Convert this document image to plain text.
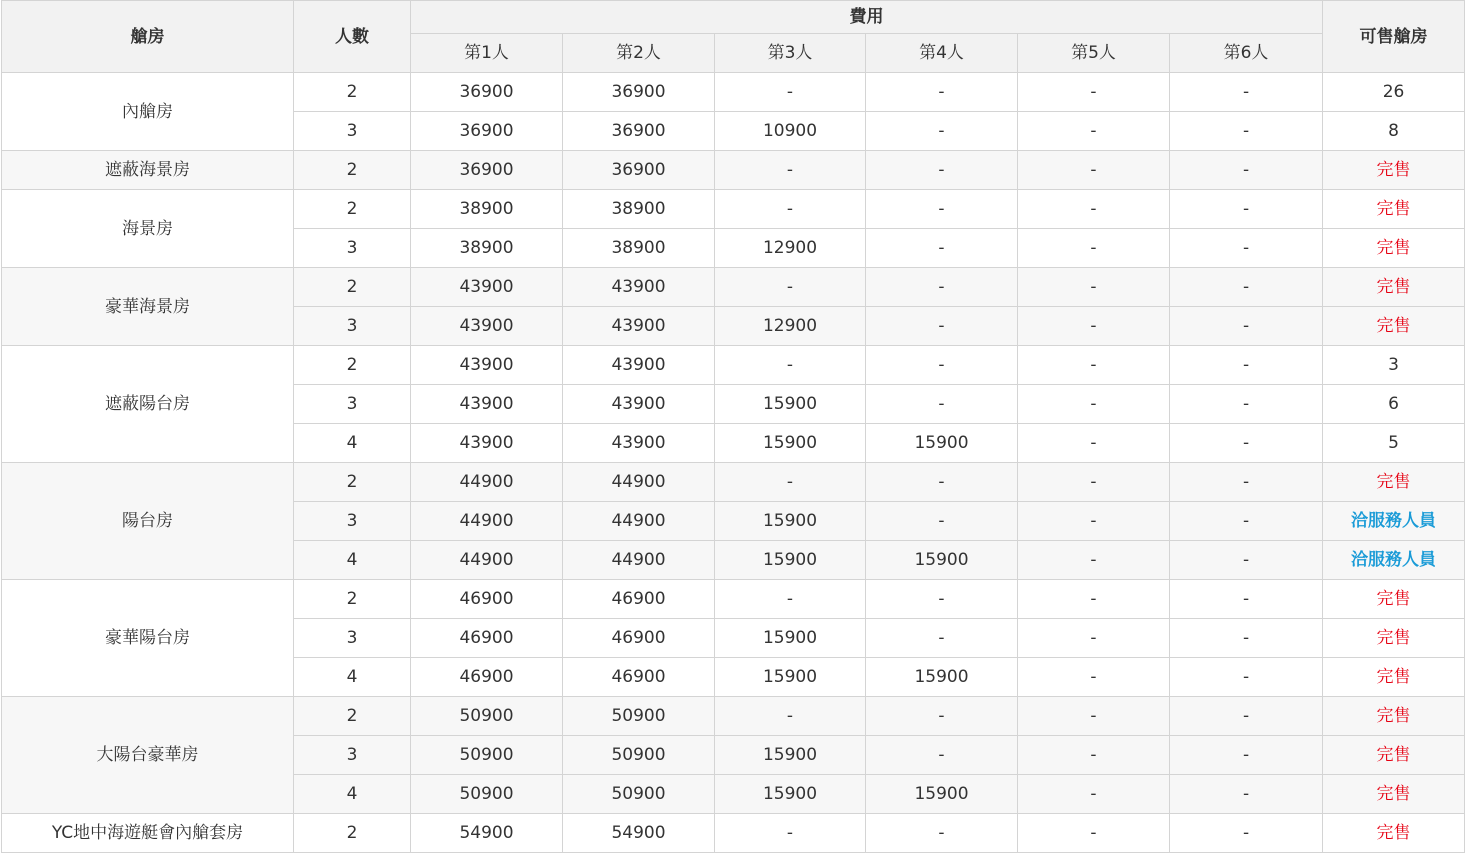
艙房	人數	費用						可售艙房
		第1人	第2人	第3人	第4人	第5人	第6人	
內艙房	2	36900	36900	-	-	-	-	26
	3	36900	36900	10900	-	-	-	8
遮蔽海景房	2	36900	36900	-	-	-	-	完售
海景房	2	38900	38900	-	-	-	-	完售
	3	38900	38900	12900	-	-	-	完售
豪華海景房	2	43900	43900	-	-	-	-	完售
	3	43900	43900	12900	-	-	-	完售
遮蔽陽台房	2	43900	43900	-	-	-	-	3
	3	43900	43900	15900	-	-	-	6
	4	43900	43900	15900	15900	-	-	5
陽台房	2	44900	44900	-	-	-	-	完售
	3	44900	44900	15900	-	-	-	洽服務人員
	4	44900	44900	15900	15900	-	-	洽服務人員
豪華陽台房	2	46900	46900	-	-	-	-	完售
	3	46900	46900	15900	-	-	-	完售
	4	46900	46900	15900	15900	-	-	完售
大陽台豪華房	2	50900	50900	-	-	-	-	完售
	3	50900	50900	15900	-	-	-	完售
	4	50900	50900	15900	15900	-	-	完售
YC地中海遊艇會內艙套房	2	54900	54900	-	-	-	-	完售
